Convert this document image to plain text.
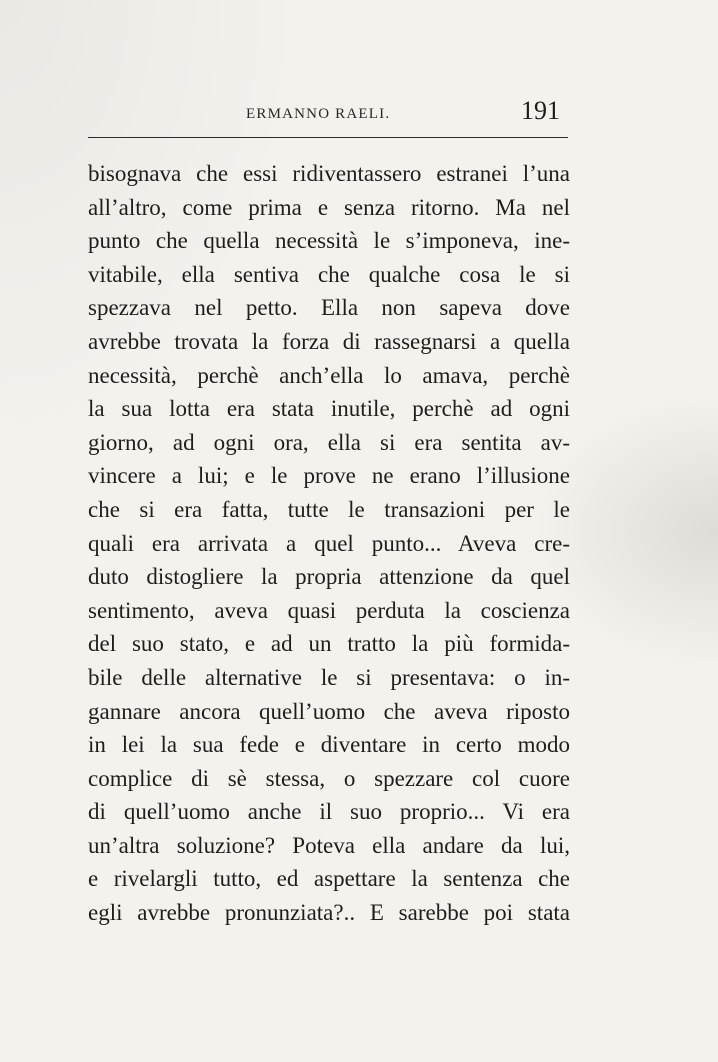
ERMANNO RAELI.	191
bisognava che essi ridiventassero estranei l’una
all’altro, come prima e senza ritorno. Ma nel
punto che quella necessità le s’imponeva, ine-
vitabile, ella sentiva che qualche cosa le si
spezzava nel petto. Ella non sapeva dove
avrebbe trovata la forza di rassegnarsi a quella
necessità, perchè anch’ella lo amava, perchè
la sua lotta era stata inutile, perchè ad ogni
giorno, ad ogni ora, ella si era sentita av-
vincere a lui; e le prove ne erano l’illusione
che si era fatta, tutte le transazioni per le
quali era arrivata a quel punto... Aveva cre-
duto distogliere la propria attenzione da quel
sentimento, aveva quasi perduta la coscienza
del suo stato, e ad un tratto la più formida-
bile delle alternative le si presentava: o in-
gannare ancora quell’uomo che aveva riposto
in lei la sua fede e diventare in certo modo
complice di sè stessa, o spezzare col cuore
di quell’uomo anche il suo proprio... Vi era
un’altra soluzione? Poteva ella andare da lui,
e rivelargli tutto, ed aspettare la sentenza che
egli avrebbe pronunziata?.. E sarebbe poi stata
